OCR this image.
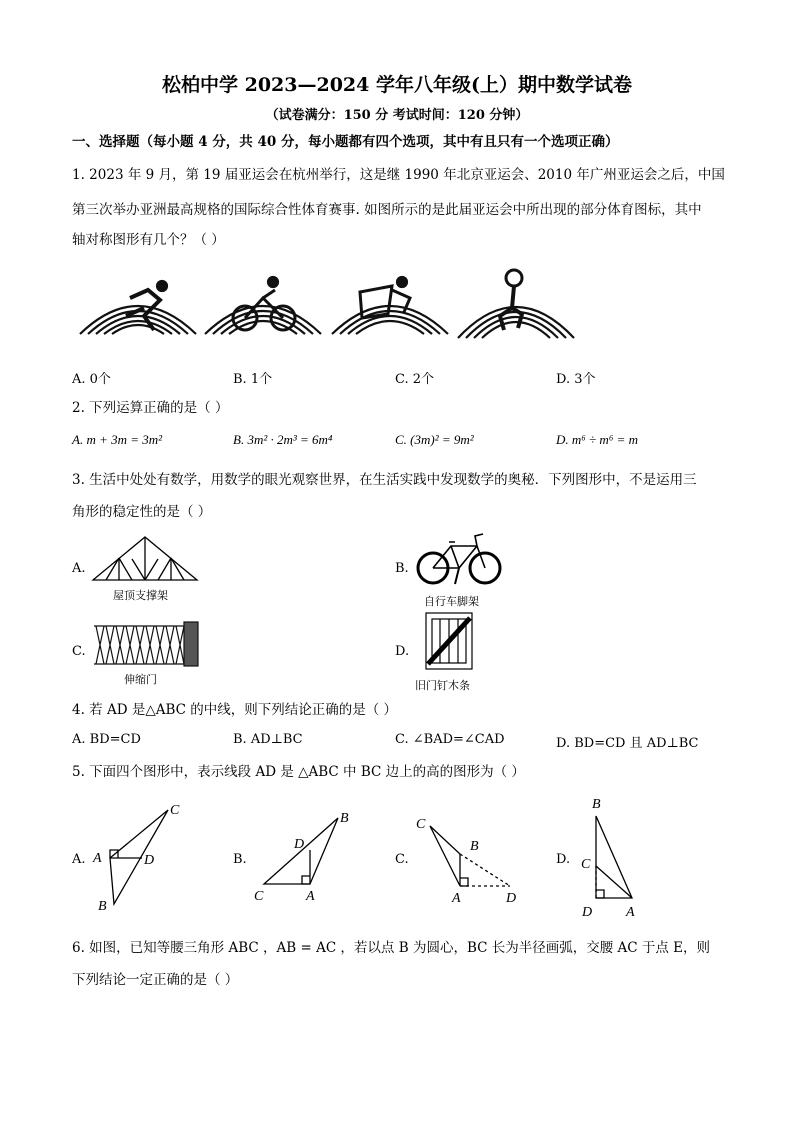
松柏中学 2023—2024 学年八年级(上）期中数学试卷
（试卷满分：150 分 考试时间：120 分钟）
一、选择题（每小题 4 分，共 40 分，每小题都有四个选项，其中有且只有一个选项正确）
1. 2023 年 9 月，第 19 届亚运会在杭州举行，这是继 1990 年北京亚运会、2010 年广州亚运会之后，中国
第三次举办亚洲最高规格的国际综合性体育赛事. 如图所示的是此届亚运会中所出现的部分体育图标，其中
轴对称图形有几个？（ ）
A. 0个	B. 1个	C. 2个	D. 3个
2. 下列运算正确的是（ ）
A. m + 3m = 3m²	B. 3m² · 2m³ = 6m⁴	C. (3m)² = 9m²	D. m⁶ ÷ m⁶ = m
3. 生活中处处有数学，用数学的眼光观察世界，在生活实践中发现数学的奥秘．下列图形中，不是运用三
角形的稳定性的是（ ）
A.
屋顶支撑架
B.
自行车脚架
C.
伸缩门
D.
旧门钉木条
4. 若 AD 是△ABC 的中线，则下列结论正确的是（ ）
A. BD=CD	B. AD⊥BC	C. ∠BAD=∠CAD	D. BD=CD 且 AD⊥BC
5. 下面四个图形中，表示线段 AD 是 △ABC 中 BC 边上的高的图形为（ ）
A.
C
A	D
B
B.
B
D
C	A
C.
C
B
A	D
D.
B
C
D A
6. 如图，已知等腰三角形 ABC ，AB = AC ，若以点 B 为圆心，BC 长为半径画弧，交腰 AC 于点 E，则
下列结论一定正确的是（ ）
